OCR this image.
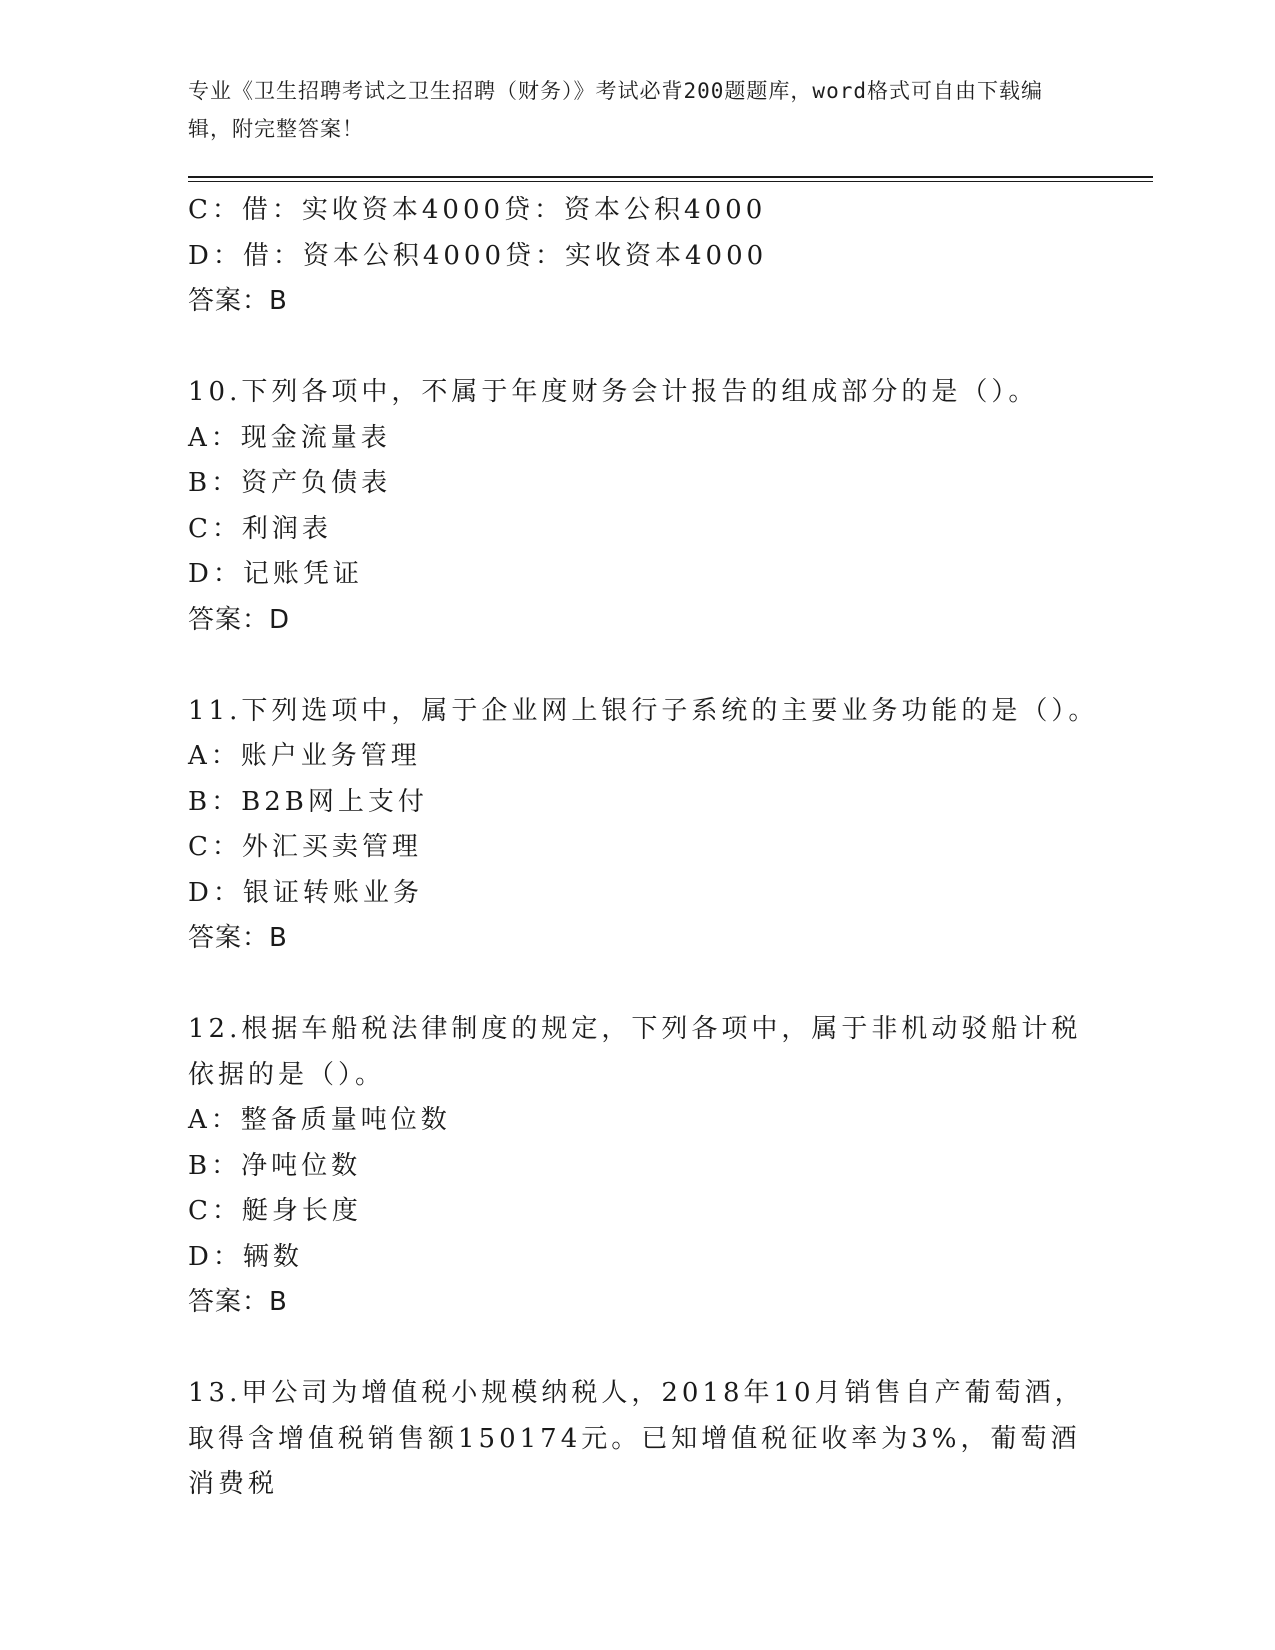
专业《卫生招聘考试之卫生招聘（财务）》考试必背200题题库，word格式可自由下载编辑，附完整答案！
C：借：实收资本4000贷：资本公积4000
D：借：资本公积4000贷：实收资本4000
答案：B
10.下列各项中，不属于年度财务会计报告的组成部分的是（）。
A：现金流量表
B：资产负债表
C：利润表
D：记账凭证
答案：D
11.下列选项中，属于企业网上银行子系统的主要业务功能的是（）。
A：账户业务管理
B：B2B网上支付
C：外汇买卖管理
D：银证转账业务
答案：B
12.根据车船税法律制度的规定，下列各项中，属于非机动驳船计税依据的是（）。
A：整备质量吨位数
B：净吨位数
C：艇身长度
D：辆数
答案：B
13.甲公司为增值税小规模纳税人，2018年10月销售自产葡萄酒，取得含增值税销售额150174元。已知增值税征收率为3%，葡萄酒消费税
